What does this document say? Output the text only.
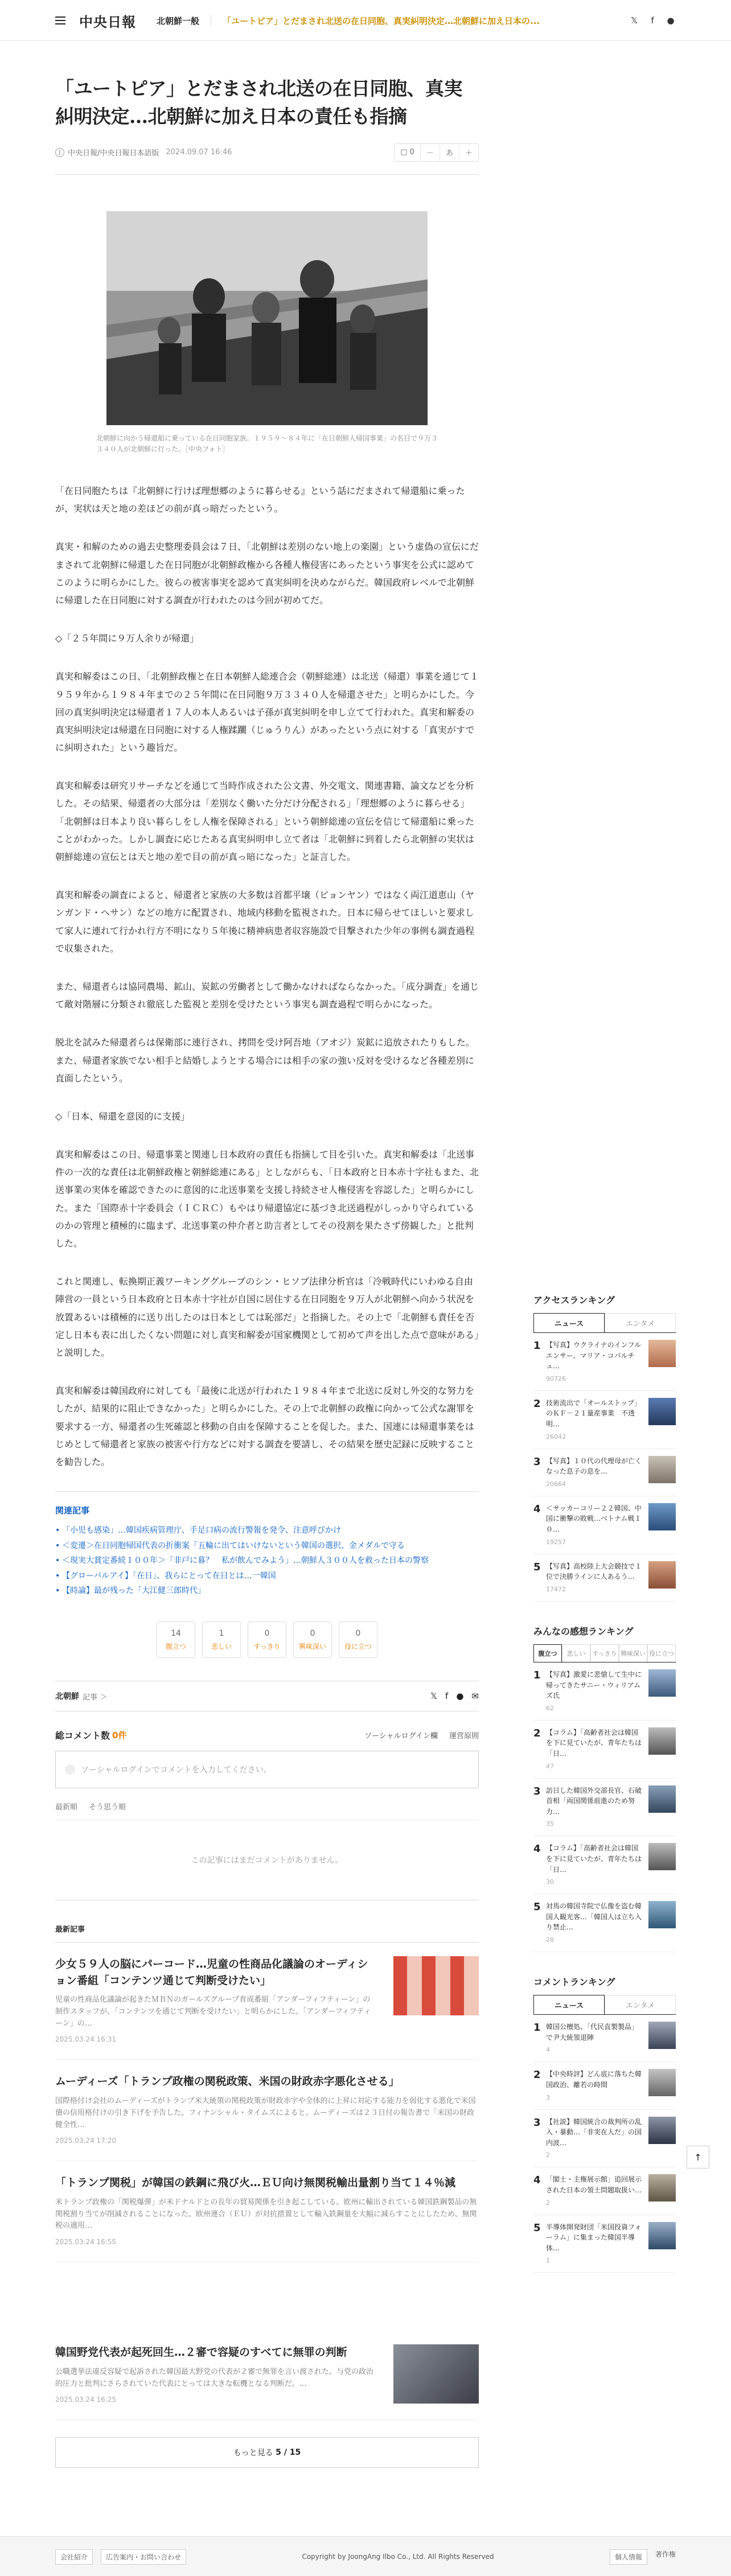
中央日報 北朝鮮一般	「ユートピア」とだまされ北送の在日同胞、真実糾明決定…北朝鮮に加え日本の...	𝕏	f	●
「ユートピア」とだまされ北送の在日同胞、真実糾明決定…北朝鮮に加え日本の責任も指摘
J 中央日報/中央日報日本語版 2024.09.07 16:46	▢ 0	－	あ	＋
北朝鮮に向かう帰還船に乗っている在日同胞家族。１９５９～８４年に「在日朝鮮人帰国事業」の名目で９万３３４０人が北朝鮮に行った。［中央フォト］

「在日同胞たちは『北朝鮮に行けば理想郷のように暮らせる』という話にだまされて帰還船に乗ったが、実状は天と地の差ほどの前が真っ暗だったという。

真実・和解のための過去史整理委員会は７日、「北朝鮮は差別のない地上の楽園」という虚偽の宣伝にだまされて北朝鮮に帰還した在日同胞が北朝鮮政権から各種人権侵害にあったという事実を公式に認めてこのように明らかにした。彼らの被害事実を認めて真実糾明を決めながらだ。韓国政府レベルで北朝鮮に帰還した在日同胞に対する調査が行われたのは今回が初めてだ。

◇「２５年間に９万人余りが帰還」

真実和解委はこの日、「北朝鮮政権と在日本朝鮮人総連合会（朝鮮総連）は北送（帰還）事業を通じて１９５９年から１９８４年までの２５年間に在日同胞９万３３４０人を帰還させた」と明らかにした。今回の真実糾明決定は帰還者１７人の本人あるいは子孫が真実糾明を申し立てて行われた。真実和解委の真実糾明決定は帰還在日同胞に対する人権蹂躙（じゅうりん）があったという点に対する「真実がすでに糾明された」という趣旨だ。

真実和解委は研究リサーチなどを通じて当時作成された公文書、外交電文、関連書籍、論文などを分析した。その結果、帰還者の大部分は「差別なく働いた分だけ分配される」「理想郷のように暮らせる」「北朝鮮は日本より良い暮らしをし人権を保障される」という朝鮮総連の宣伝を信じて帰還船に乗ったことがわかった。しかし調査に応じたある真実糾明申し立て者は「北朝鮮に到着したら北朝鮮の実状は朝鮮総連の宣伝とは天と地の差で目の前が真っ暗になった」と証言した。

真実和解委の調査によると、帰還者と家族の大多数は首都平壌（ピョンヤン）ではなく両江道恵山（ヤンガンド・ヘサン）などの地方に配置され、地域内移動を監視された。日本に帰らせてほしいと要求して家人に連れて行かれ行方不明になり５年後に精神病患者収容施設で目撃された少年の事例も調査過程で収集された。

また、帰還者らは協同農場、鉱山、炭鉱の労働者として働かなければならなかった。「成分調査」を通じて敵対階層に分類され徹底した監視と差別を受けたという事実も調査過程で明らかになった。

脱北を試みた帰還者らは保衛部に連行され、拷問を受け阿吾地（アオジ）炭鉱に追放されたりもした。また、帰還者家族でない相手と結婚しようとする場合には相手の家の強い反対を受けるなど各種差別に直面したという。

◇「日本、帰還を意図的に支援」

真実和解委はこの日、帰還事業と関連し日本政府の責任も指摘して目を引いた。真実和解委は「北送事件の一次的な責任は北朝鮮政権と朝鮮総連にある」としながらも、「日本政府と日本赤十字社もまた、北送事業の実体を確認できたのに意図的に北送事業を支援し持続させ人権侵害を容認した」と明らかにした。また「国際赤十字委員会（ＩＣＲＣ）もやはり帰還協定に基づき北送過程がしっかり守られているのかの管理と積極的に臨まず、北送事業の仲介者と助言者としてその役割を果たさず傍観した」と批判した。

これと関連し、転換期正義ワーキンググループのシン・ヒソプ法律分析官は「冷戦時代にいわゆる自由陣営の一員という日本政府と日本赤十字社が自国に居住する在日同胞を９万人が北朝鮮へ向かう状況を放置あるいは積極的に送り出したのは日本としては恥部だ」と指摘した。その上で「北朝鮮も責任を否定し日本も表に出したくない問題に対し真実和解委が国家機関として初めて声を出した点で意味がある」と説明した。

真実和解委は韓国政府に対しても「最後に北送が行われた１９８４年まで北送に反対し外交的な努力をしたが、結果的に阻止できなかった」と明らかにした。その上で北朝鮮の政権に向かって公式な謝罪を要求する一方、帰還者の生死確認と移動の自由を保障することを促した。また、国連には帰還事業をはじめとして帰還者と家族の被害や行方などに対する調査を要請し、その結果を歴史記録に反映することを勧告した。

関連記事
• 「小児も感染」…韓国疾病管理庁、手足口病の流行警報を発令、注意呼びかけ
• ＜変遷＞在日同胞帰国代表の折衝案「五輪に出てはいけないという韓国の選択、金メダルで守る
• ＜現実大賞定番続１００年＞「非戸に暮？　私が飲んでみよう」…朝鮮人３００人を救った日本の警察
• 【グローバルアイ】「在日」、我らにとって在日とは…一韓国
• 【時論】最が残った「大江健三郎時代」
14
腹立つ
1
悲しい
0
すっきり
0
興味深い
0
役に立つ
北朝鮮 記事 ＞	𝕏 f ● ✉
総コメント数 0件	ソーシャルログイン欄 運営原則
ソーシャルログインでコメントを入力してください。
最新順 そう思う順
この記事にはまだコメントがありません。
最新記事
少女５９人の脳にパーコード…児童の性商品化議論のオーディション番組「コンテンツ通じて判断受けたい」
児童の性商品化議論が起きたＭＢＮのガールズグループ育成番組「アンダーフィフティーン」の制作スタッフが、「コンテンツを通じて判断を受けたい」と明らかにした。「アンダーフィフティーン」の…
2025.03.24 16:31
ムーディーズ「トランプ政権の関税政策、米国の財政赤字悪化させる」
国際格付け会社のムーディーズがトランプ米大統領の関税政策が財政赤字や全体的に上昇に対応する能力を弱化する悪化で米国債の信用格付けの引き下げを予告した。フィナンシャル・タイムズによると、ムーディーズは２３日付の報告書で「米国の財政健全性…
2025.03.24 17:20
「トランプ関税」が韓国の鉄鋼に飛び火…ＥＵ向け無関税輸出量割り当て１４％減
米トランプ政権の「関税爆弾」が米ドナルドとの長年の貿易関係を引き起こしている。欧州に輸出されている韓国鉄鋼製品の無関税割り当てが削減されることになった。欧州連合（ＥＵ）が対抗措置として輸入鉄鋼量を大幅に減らすことにしたため、無関税の適用…
2025.03.24 16:55
韓国野党代表が起死回生…２審で容疑のすべてに無罪の判断
公職選挙法違反容疑で起訴された韓国最大野党の代表が２審で無罪を言い渡された。与党の政治的圧力と批判にさらされていた代表にとっては大きな転機となる判断だ。…
2025.03.24 16:25
もっと見る
5 / 15
アクセスランキング
ニュース	エンタメ
1 【写真】ウクライナのインフルエンサー、マリア・コパルチュ…
90726
2 技術流出で「オールストップ」のＫＦ－２１量産事業　不透明…
26042
3 【写真】１０代の代理母が亡くなった息子の息を…
20664
4 ＜サッカーコリー２２韓国、中国に衝撃の敗戦…ベトナム戦１０…
19257
5 【写真】高校陸上大会競技で１位で決勝ラインに人あるう…
17472
みんなの感想ランキング
腹立つ	悲しい	すっきり 興味深い 役に立つ
1 【写真】激愛に悲愴して生中に帰ってきたサニー・ウィリアムズ氏
62
2 【コラム】「高齢者社会は韓国を下に見ていたが、青年たちは「日…
47
3 訪日した韓国外交部長官、石破首相「両国関係前進のため努力…
35
4 【コラム】「高齢者社会は韓国を下に見ていたが、青年たちは「日…
30
5 対馬の韓国寺院で仏像を盗む韓国人観光客…「韓国人は立ち入り禁止…
28
コメントランキング
ニュース	エンタメ
1 韓国公檀処、「代民直製製品」で尹大統領退陣
4
2 【中央時評】どん底に落ちた韓国政治、離若の時間
3
3 【社説】韓国統合の裁判所の乱入・暴動…「非実在人だ」の国内波…
2
4 「閣士・主権展示館」追回展示された日本の領土問題取扱い…
2
5 半導体開発財団「米国投資フォーラム」に集まった韓国半導体…
1
↑
会社紹介	広告案内・お問い合わせ	Copyright by JoongAng Ilbo Co., Ltd. All Rights Reserved	個人情報	著作権
